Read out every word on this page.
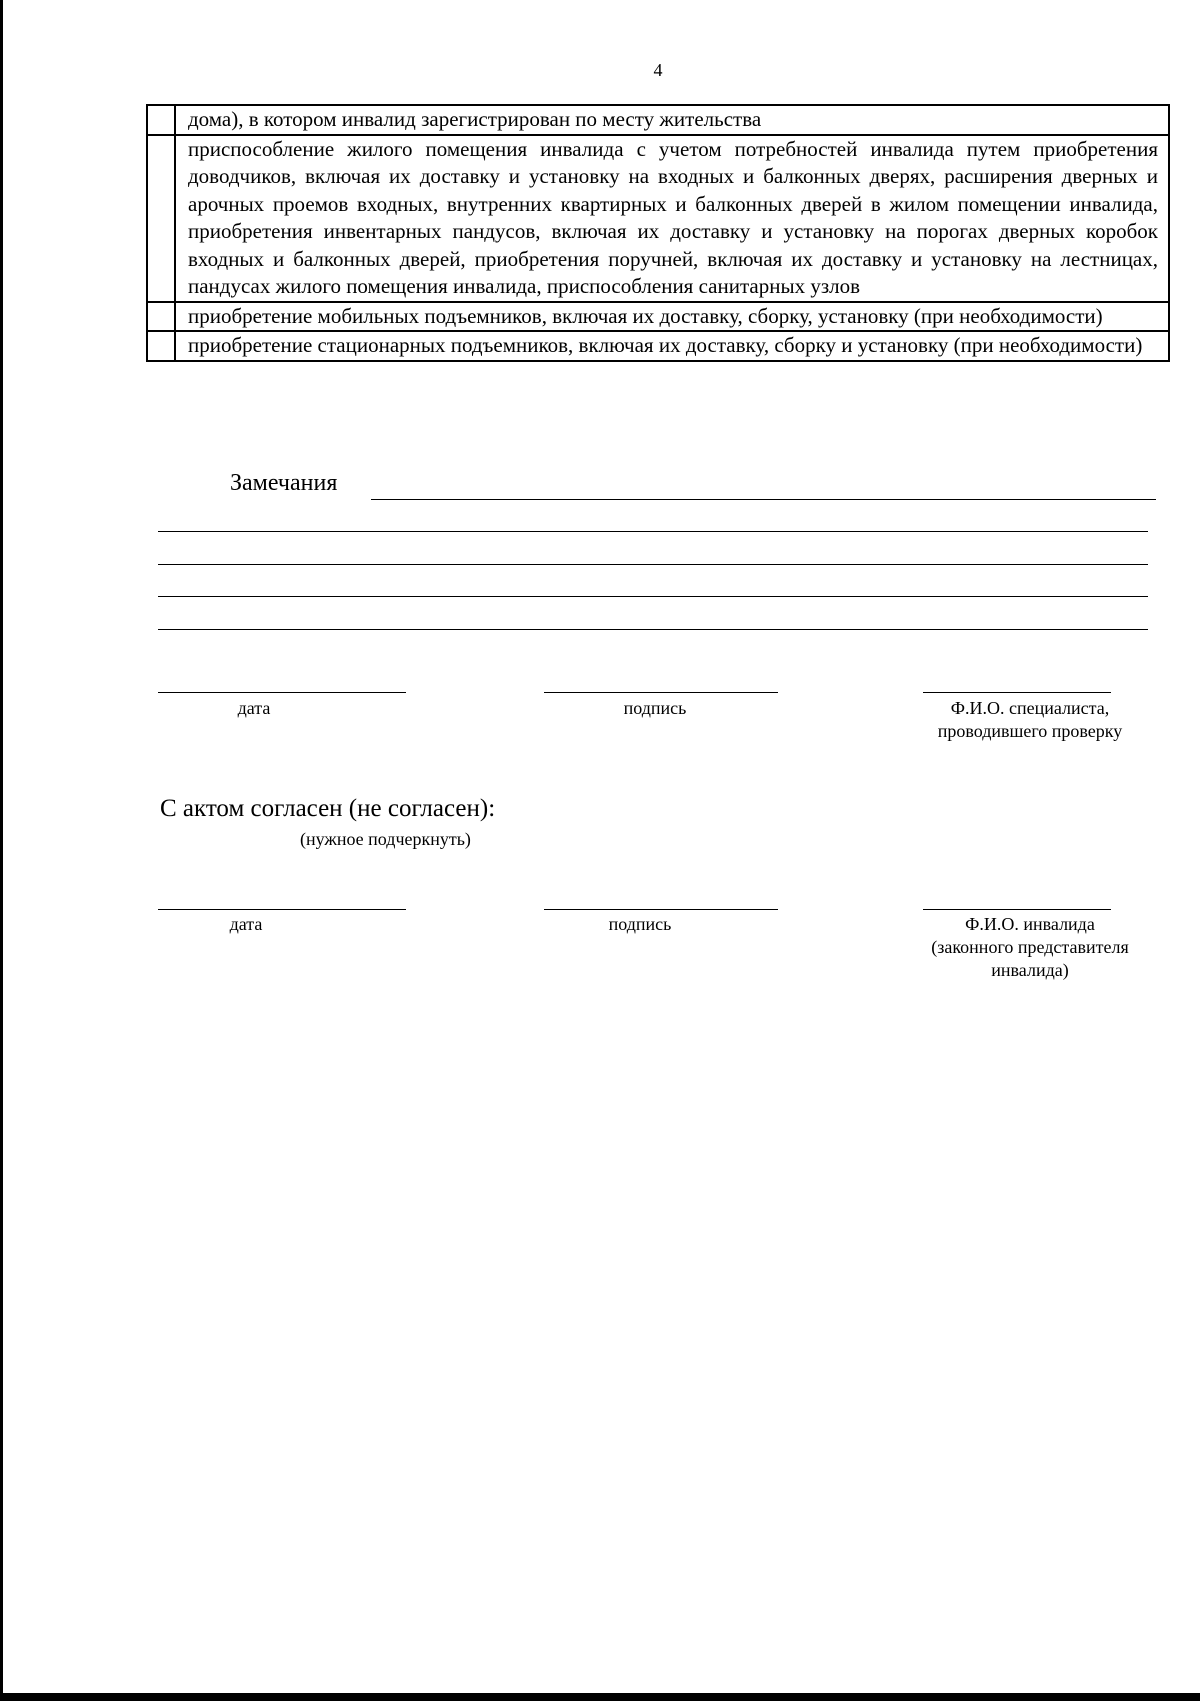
4
	дома), в котором инвалид зарегистрирован по месту жительства
	приспособление жилого помещения инвалида с учетом потребностей инвалида путем приобретения доводчиков, включая их доставку и установку на входных и балконных дверях, расширения дверных и арочных проемов входных, внутренних квартирных и балконных дверей в жилом помещении инвалида, приобретения инвентарных пандусов, включая их доставку и установку на порогах дверных коробок входных и балконных дверей, приобретения поручней, включая их доставку и установку на лестницах, пандусах жилого помещения инвалида, приспособления санитарных узлов
	приобретение мобильных подъемников, включая их доставку, сборку, установку (при необходимости)
	приобретение стационарных подъемников, включая их доставку, сборку и установку (при необходимости)
Замечания
дата	подпись	Ф.И.О. специалиста,
проводившего проверку
С актом согласен (не согласен):
(нужное подчеркнуть)
дата	подпись	Ф.И.О. инвалида
(законного представителя
инвалида)
